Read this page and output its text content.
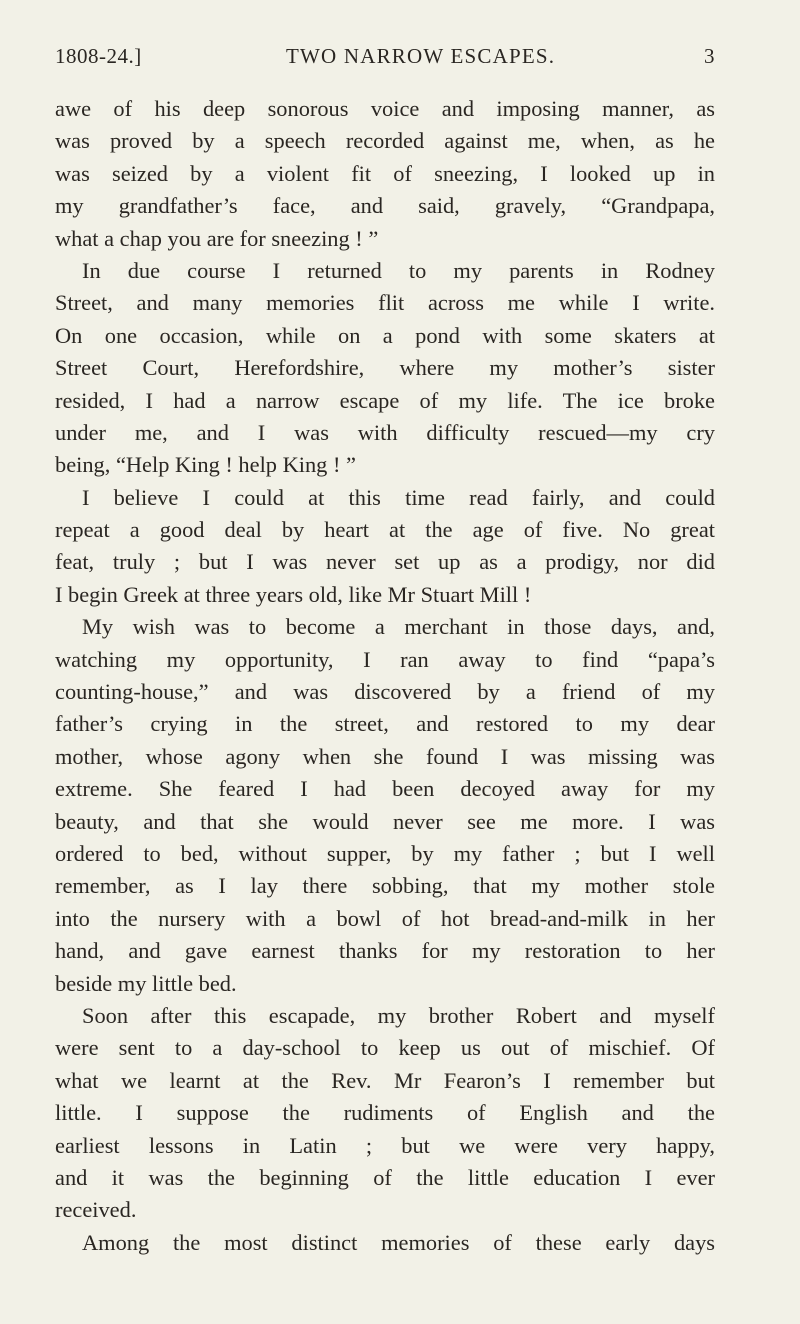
1808-24.]	TWO NARROW ESCAPES.	3
awe of his deep sonorous voice and imposing manner, as
was proved by a speech recorded against me, when, as he
was seized by a violent fit of sneezing, I looked up in
my grandfather’s face, and said, gravely, “Grandpapa,
what a chap you are for sneezing ! ”
In due course I returned to my parents in Rodney
Street, and many memories flit across me while I write.
On one occasion, while on a pond with some skaters at
Street Court, Herefordshire, where my mother’s sister
resided, I had a narrow escape of my life. The ice broke
under me, and I was with difficulty rescued—my cry
being, “Help King ! help King ! ”
I believe I could at this time read fairly, and could
repeat a good deal by heart at the age of five. No great
feat, truly ; but I was never set up as a prodigy, nor did
I begin Greek at three years old, like Mr Stuart Mill !
My wish was to become a merchant in those days, and,
watching my opportunity, I ran away to find “papa’s
counting-house,” and was discovered by a friend of my
father’s crying in the street, and restored to my dear
mother, whose agony when she found I was missing was
extreme. She feared I had been decoyed away for my
beauty, and that she would never see me more. I was
ordered to bed, without supper, by my father ; but I well
remember, as I lay there sobbing, that my mother stole
into the nursery with a bowl of hot bread-and-milk in her
hand, and gave earnest thanks for my restoration to her
beside my little bed.
Soon after this escapade, my brother Robert and myself
were sent to a day-school to keep us out of mischief. Of
what we learnt at the Rev. Mr Fearon’s I remember but
little. I suppose the rudiments of English and the
earliest lessons in Latin ; but we were very happy,
and it was the beginning of the little education I ever
received.
Among the most distinct memories of these early days
